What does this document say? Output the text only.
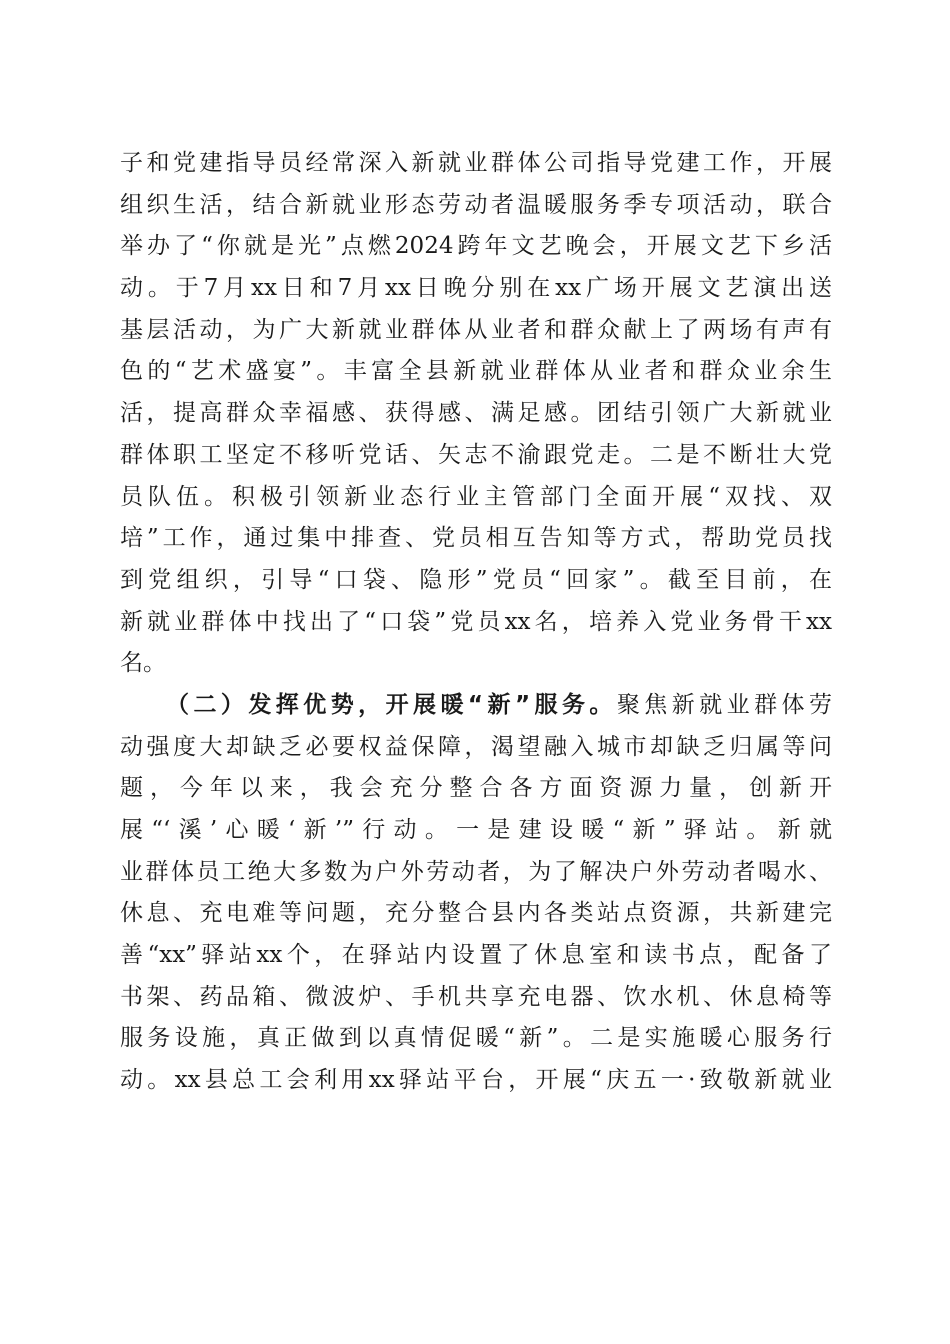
子和党建指导员经常深入新就业群体公司指导党建工作，开展
组织生活，结合新就业形态劳动者温暖服务季专项活动，联合
举办了“你就是光”点燃2024跨年文艺晚会，开展文艺下乡活
动。于7月xx日和7月xx日晚分别在xx广场开展文艺演出送
基层活动，为广大新就业群体从业者和群众献上了两场有声有
色的“艺术盛宴”。丰富全县新就业群体从业者和群众业余生
活，提高群众幸福感、获得感、满足感。团结引领广大新就业
群体职工坚定不移听党话、矢志不渝跟党走。二是不断壮大党
员队伍。积极引领新业态行业主管部门全面开展“双找、双
培”工作，通过集中排查、党员相互告知等方式，帮助党员找
到党组织，引导“口袋、隐形”党员“回家”。截至目前，在
新就业群体中找出了“口袋”党员xx名，培养入党业务骨干xx
名。
（二）发挥优势，开展暖“新”服务。聚焦新就业群体劳
动强度大却缺乏必要权益保障，渴望融入城市却缺乏归属等问
题，今年以来，我会充分整合各方面资源力量，创新开
展“‘溪’心暖‘新’”行动。一是建设暖“新”驿站。新就
业群体员工绝大多数为户外劳动者，为了解决户外劳动者喝水、
休息、充电难等问题，充分整合县内各类站点资源，共新建完
善“xx”驿站xx个，在驿站内设置了休息室和读书点，配备了
书架、药品箱、微波炉、手机共享充电器、饮水机、休息椅等
服务设施，真正做到以真情促暖“新”。二是实施暖心服务行
动。xx县总工会利用xx驿站平台，开展“庆五一·致敬新就业
